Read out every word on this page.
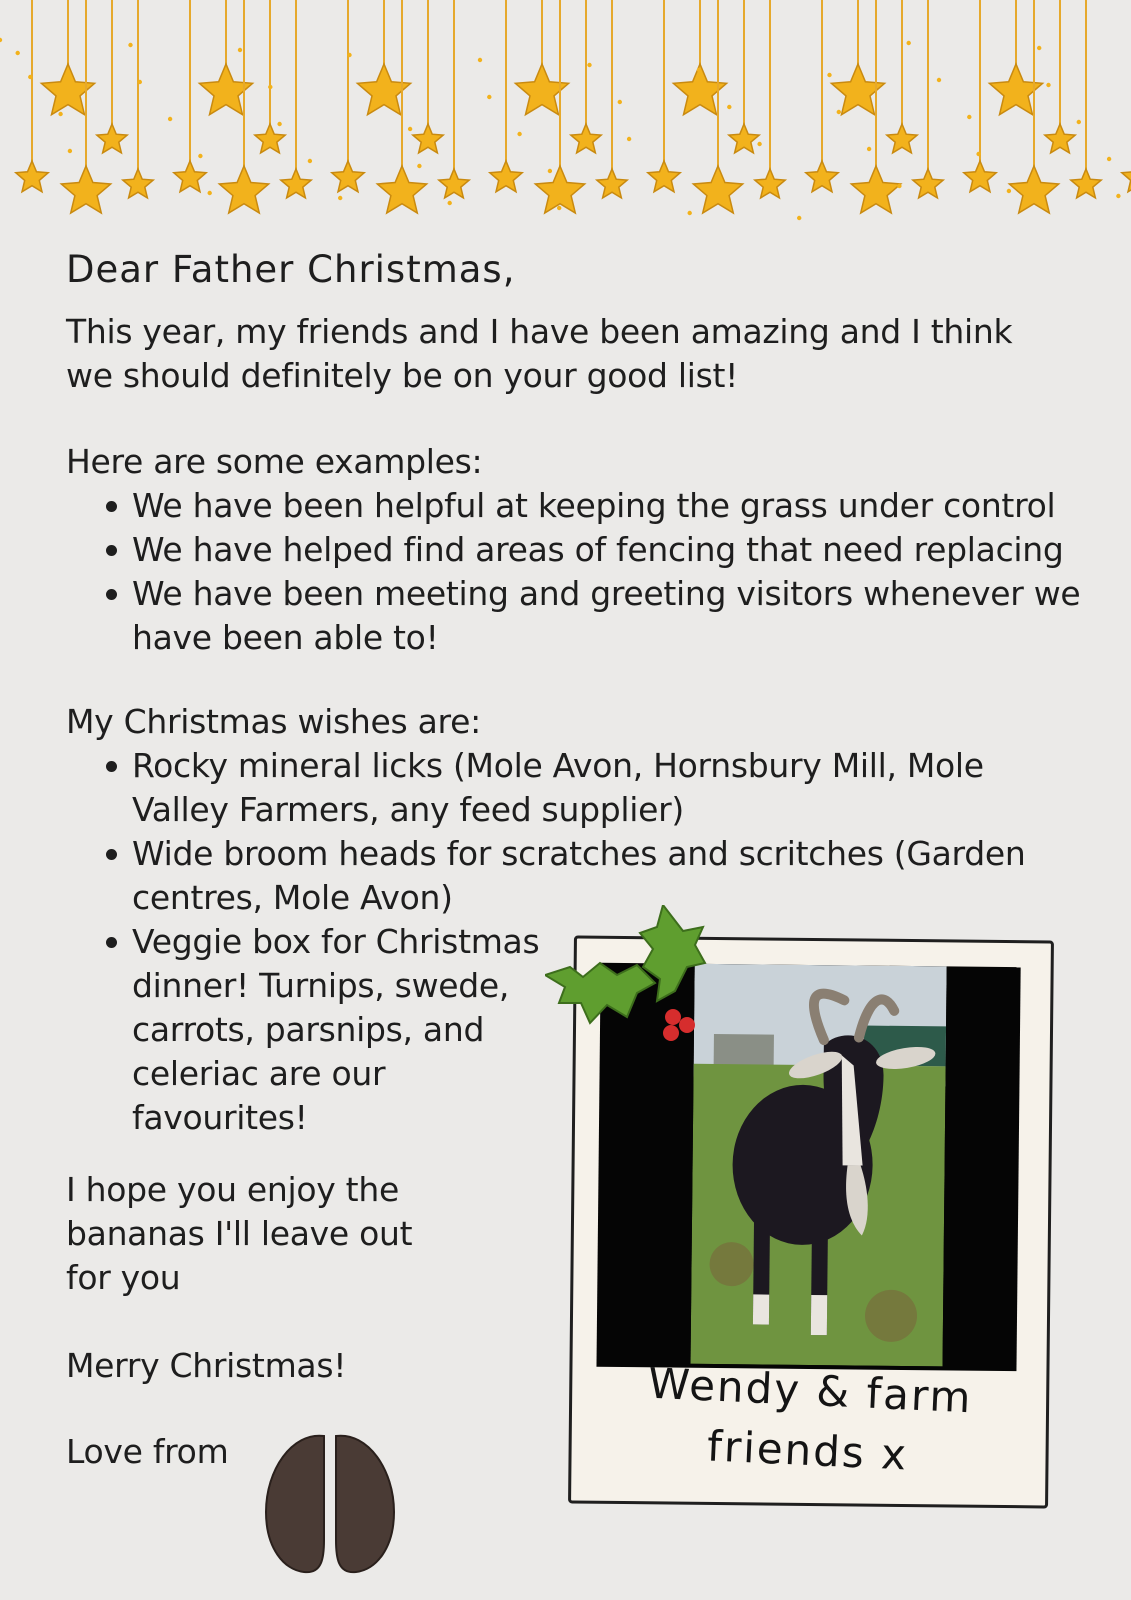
Dear Father Christmas,

This year, my friends and I have been amazing and I think we should definitely be on your good list!

Here are some examples:

We have been helpful at keeping the grass under control
We have helped find areas of fencing that need replacing
We have been meeting and greeting visitors whenever we have been able to!

My Christmas wishes are:

Rocky mineral licks (Mole Avon, Hornsbury Mill, Mole Valley Farmers, any feed supplier)
Wide broom heads for scratches and scritches (Garden centres, Mole Avon)
Veggie box for Christmas dinner! Turnips, swede, carrots, parsnips, and celeriac are our favourites!

I hope you enjoy the bananas I'll leave out for you

Merry Christmas!

Love from

Wendy & farm
friends x
